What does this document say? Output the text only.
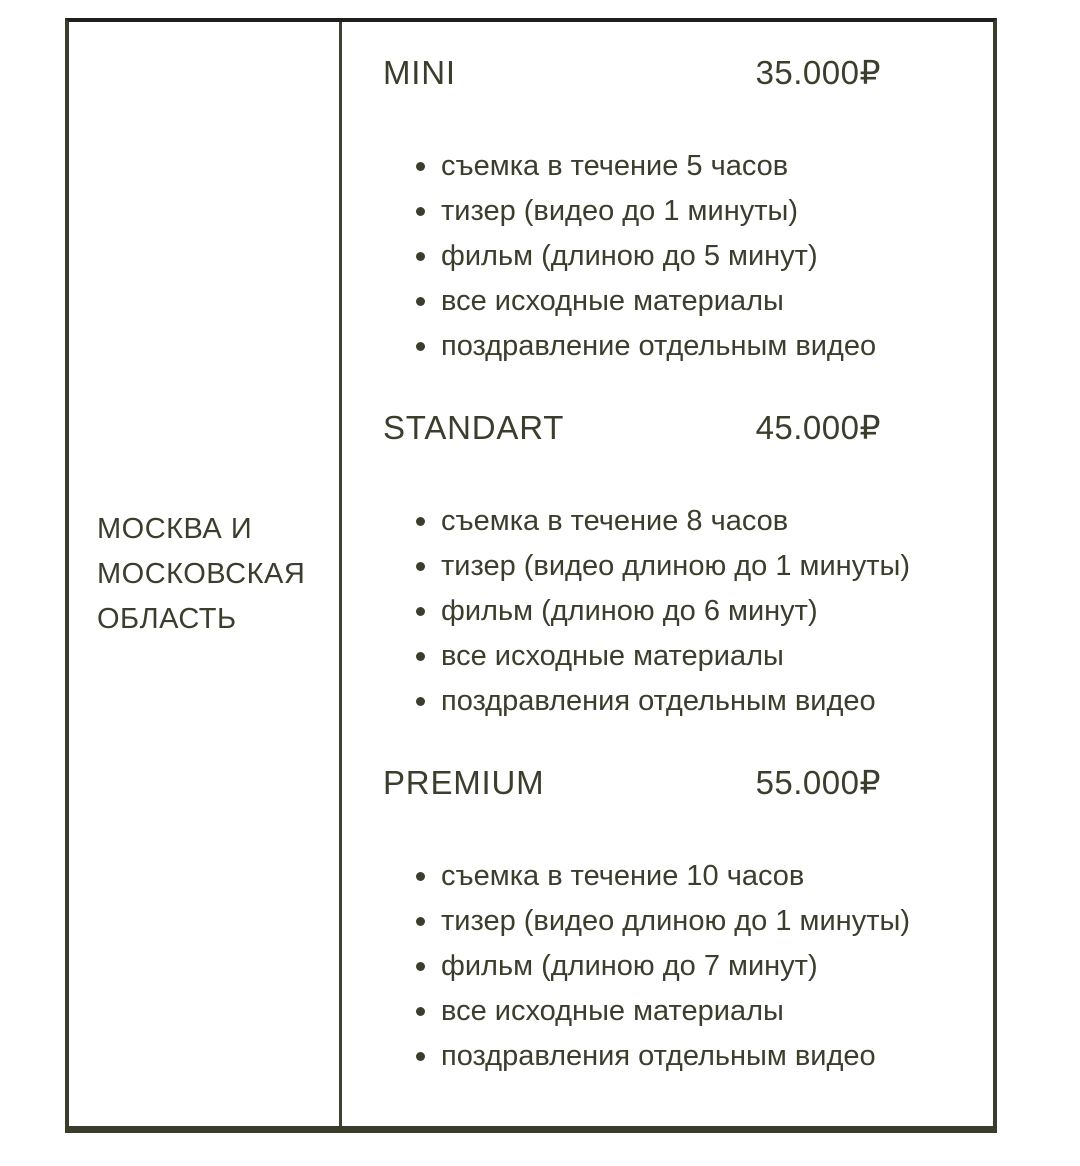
МОСКВА И
МОСКОВСКАЯ
ОБЛАСТЬ
MINI	35.000₽
съемка в течение 5 часов
тизер (видео до 1 минуты)
фильм (длиною до 5 минут)
все исходные материалы
поздравление отдельным видео
STANDART	45.000₽
съемка в течение 8 часов
тизер (видео длиною до 1 минуты)
фильм (длиною до 6 минут)
все исходные материалы
поздравления отдельным видео
PREMIUM	55.000₽
съемка в течение 10 часов
тизер (видео длиною до 1 минуты)
фильм (длиною до 7 минут)
все исходные материалы
поздравления отдельным видео
